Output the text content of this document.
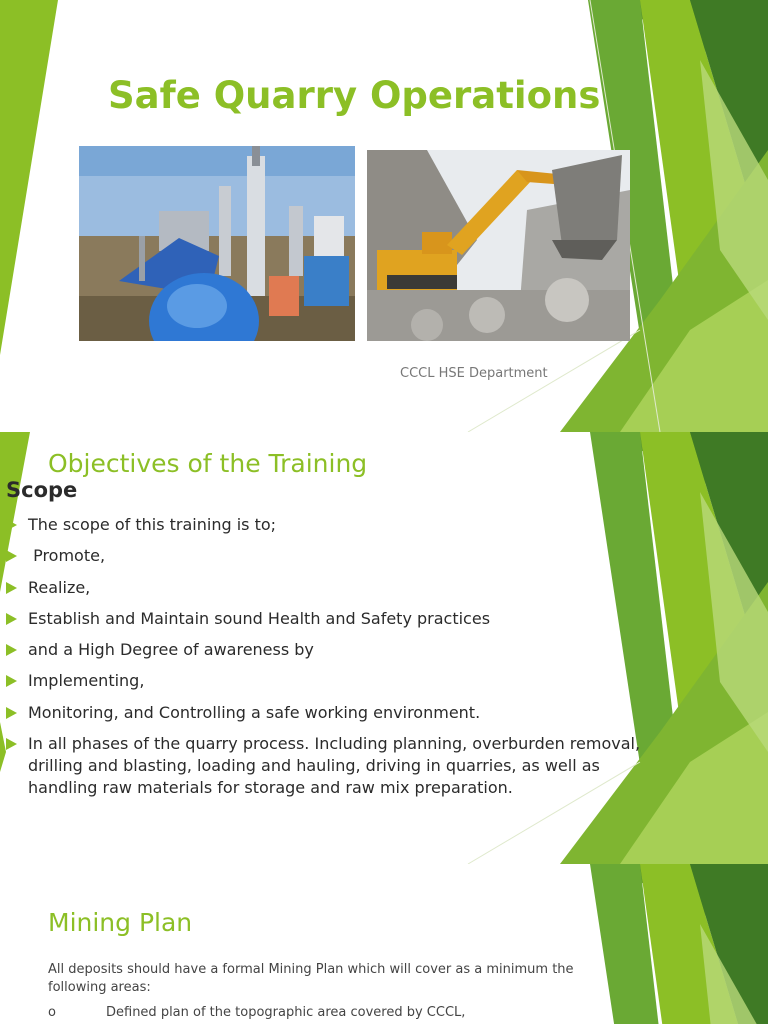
Safe Quarry Operations
CCCL HSE Department
Objectives of the Training
Scope
The scope of this training is to;
Promote,
Realize,
Establish and Maintain sound Health and Safety practices
and a High Degree of awareness by
Implementing,
Monitoring, and Controlling a safe working environment.
In all phases of the quarry process. Including planning, overburden removal, drilling and blasting, loading and hauling, driving in quarries, as well as handling raw materials for storage and raw mix preparation.
Mining Plan

All deposits should have a formal Mining Plan which will cover as a minimum the following areas:

o	Defined plan of the topographic area covered by CCCL,
